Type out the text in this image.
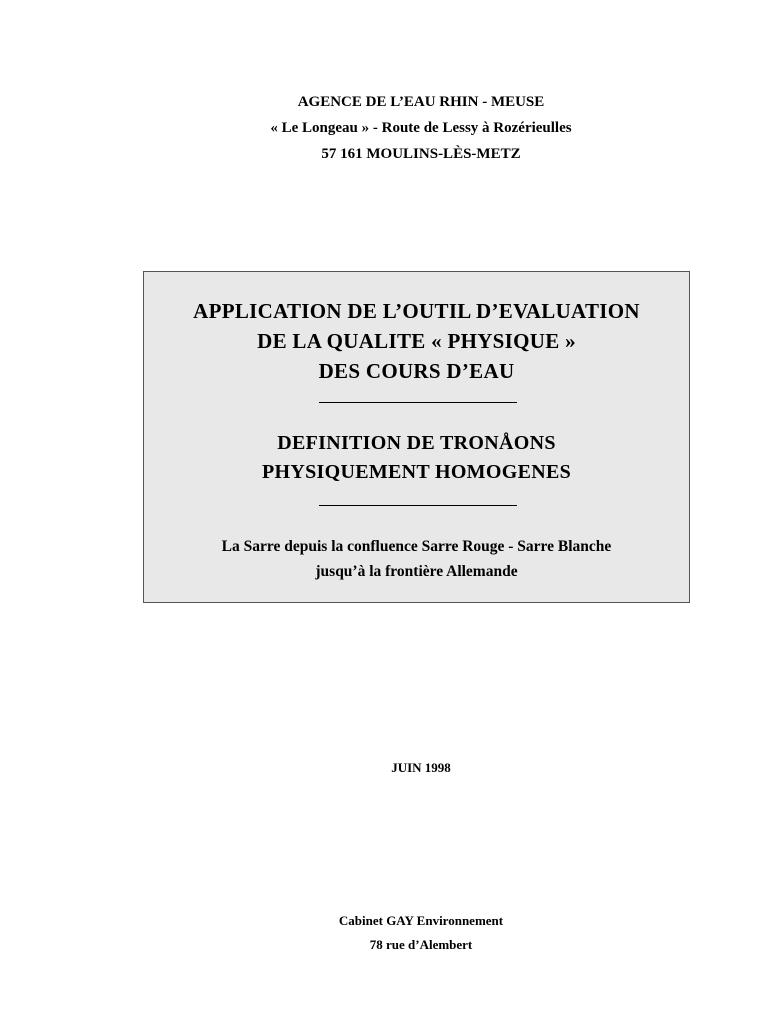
AGENCE DE L’EAU RHIN - MEUSE
« Le Longeau » - Route de Lessy à Rozérieulles
57 161 MOULINS-LÈS-METZ
APPLICATION DE L’OUTIL D’EVALUATION
DE LA QUALITE « PHYSIQUE »
DES COURS D’EAU
DEFINITION DE TRONÅONS
PHYSIQUEMENT HOMOGENES
La Sarre depuis la confluence Sarre Rouge - Sarre Blanche
jusqu’à la frontière Allemande
JUIN 1998
Cabinet GAY Environnement
78 rue d’Alembert
